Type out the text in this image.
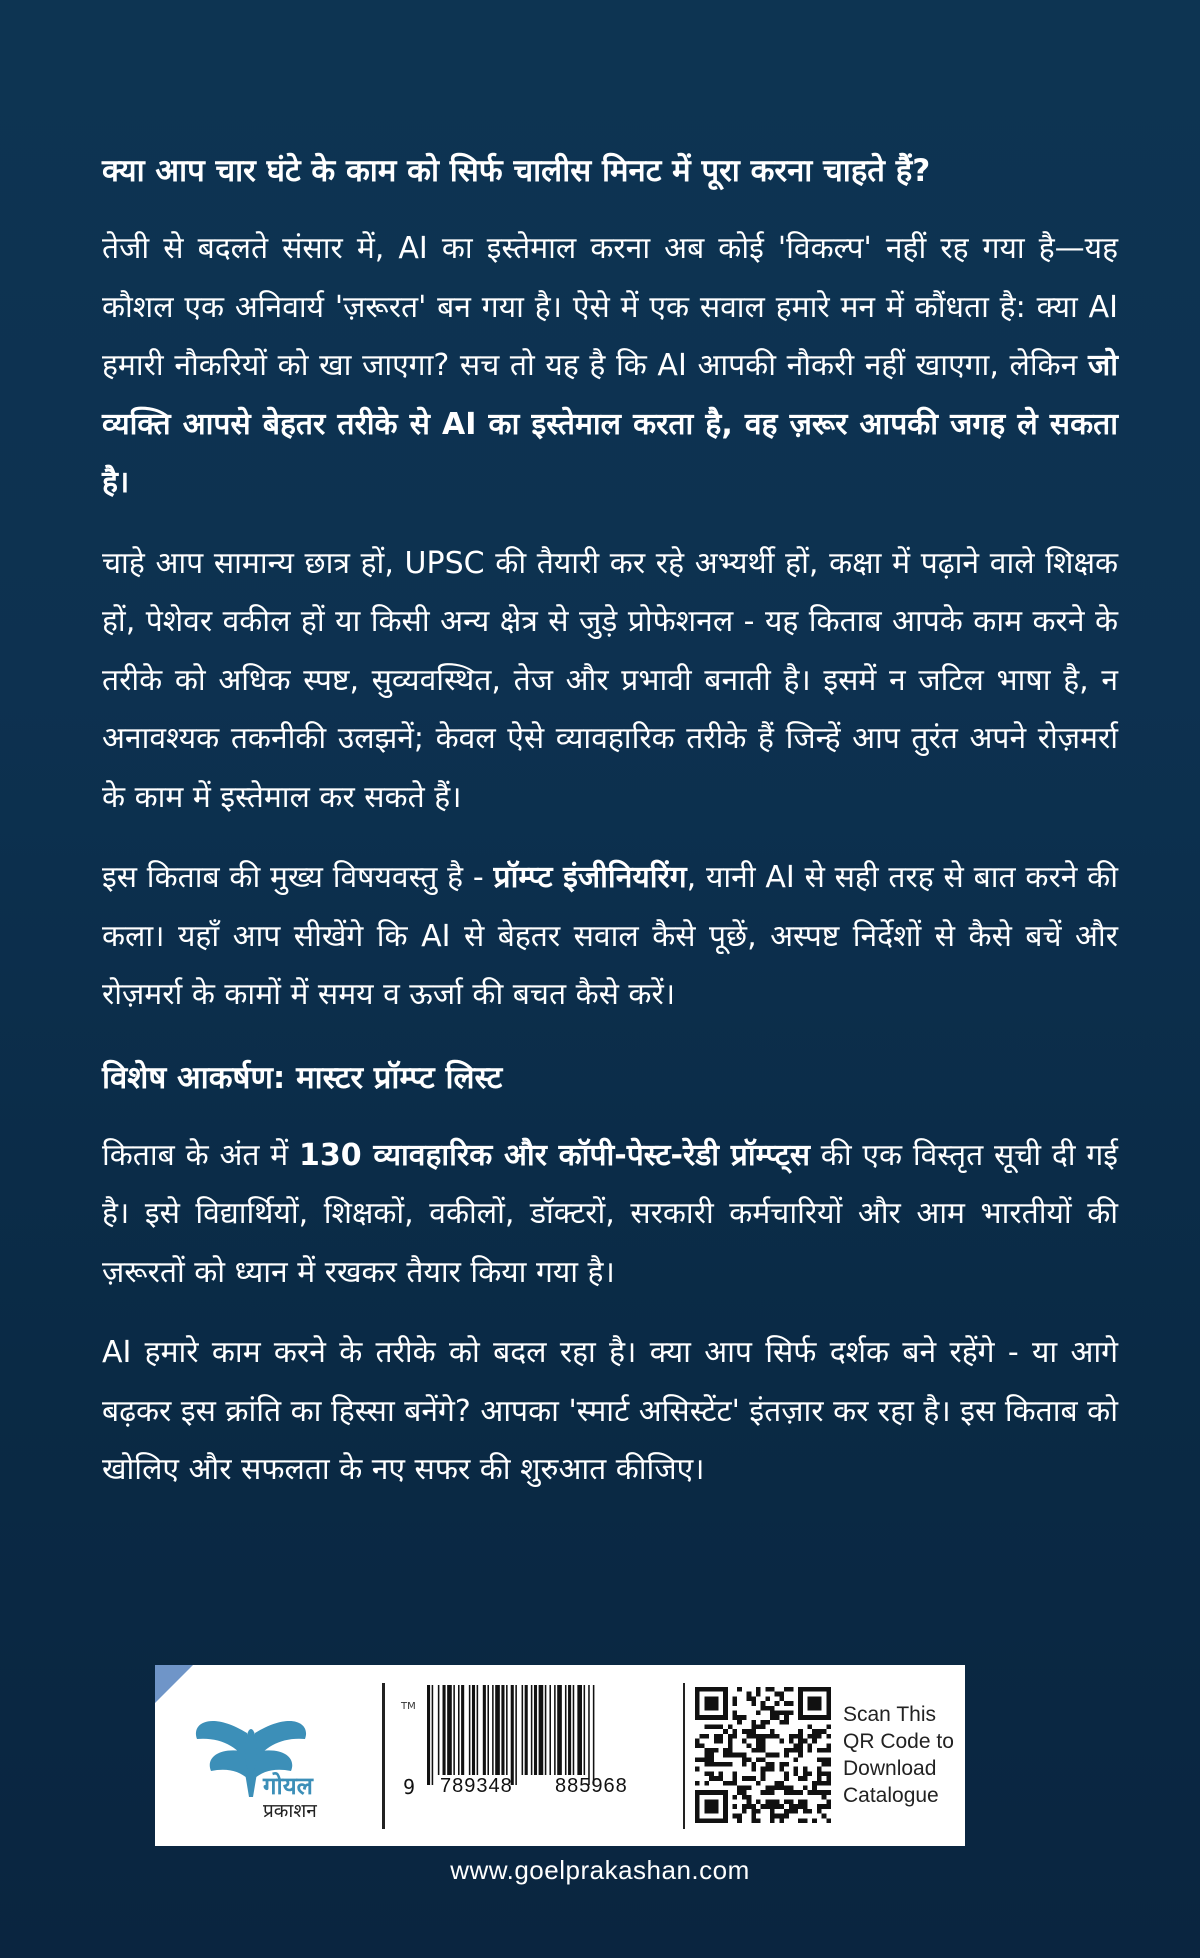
क्या आप चार घंटे के काम को सिर्फ चालीस मिनट में पूरा करना चाहते हैं?

तेजी से बदलते संसार में, AI का इस्तेमाल करना अब कोई 'विकल्प' नहीं रह गया है—यह कौशल एक अनिवार्य 'ज़रूरत' बन गया है। ऐसे में एक सवाल हमारे मन में कौंधता है: क्या AI हमारी नौकरियों को खा जाएगा? सच तो यह है कि AI आपकी नौकरी नहीं खाएगा, लेकिन जो व्यक्ति आपसे बेहतर तरीके से AI का इस्तेमाल करता है, वह ज़रूर आपकी जगह ले सकता है।

चाहे आप सामान्य छात्र हों, UPSC की तैयारी कर रहे अभ्यर्थी हों, कक्षा में पढ़ाने वाले शिक्षक हों, पेशेवर वकील हों या किसी अन्य क्षेत्र से जुड़े प्रोफेशनल - यह किताब आपके काम करने के तरीके को अधिक स्पष्ट, सुव्यवस्थित, तेज और प्रभावी बनाती है। इसमें न जटिल भाषा है, न अनावश्यक तकनीकी उलझनें; केवल ऐसे व्यावहारिक तरीके हैं जिन्हें आप तुरंत अपने रोज़मर्रा के काम में इस्तेमाल कर सकते हैं।

इस किताब की मुख्य विषयवस्तु है - प्रॉम्प्ट इंजीनियरिंग, यानी AI से सही तरह से बात करने की कला। यहाँ आप सीखेंगे कि AI से बेहतर सवाल कैसे पूछें, अस्पष्ट निर्देशों से कैसे बचें और रोज़मर्रा के कामों में समय व ऊर्जा की बचत कैसे करें।

विशेष आकर्षण: मास्टर प्रॉम्प्ट लिस्ट

किताब के अंत में 130 व्यावहारिक और कॉपी-पेस्ट-रेडी प्रॉम्प्ट्स की एक विस्तृत सूची दी गई है। इसे विद्यार्थियों, शिक्षकों, वकीलों, डॉक्टरों, सरकारी कर्मचारियों और आम भारतीयों की ज़रूरतों को ध्यान में रखकर तैयार किया गया है।

AI हमारे काम करने के तरीके को बदल रहा है। क्या आप सिर्फ दर्शक बने रहेंगे - या आगे बढ़कर इस क्रांति का हिस्सा बनेंगे? आपका 'स्मार्ट असिस्टेंट' इंतज़ार कर रहा है। इस किताब को खोलिए और सफलता के नए सफर की शुरुआत कीजिए।

TM
गोयल
प्रकाशन
9 789348 885968
Scan This
QR Code to
Download
Catalogue
www.goelprakashan.com
